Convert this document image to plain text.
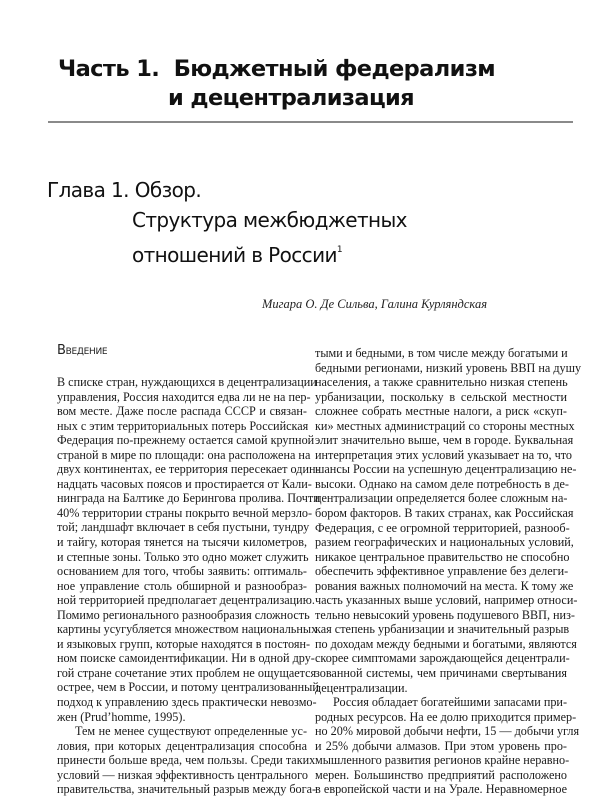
Часть 1. Бюджетный федерализм
и децентрализация
Глава 1. Обзор.
Структура межбюджетных
отношений в России$^1$
Мигара О. Де Сильва, Галина Курляндская
Введение
В списке стран, нуждающихся в децентрализации
управления, Россия находится едва ли не на пер-
вом месте. Даже после распада СССР и связан-
ных с этим территориальных потерь Российская
Федерация по-прежнему остается самой крупной
страной в мире по площади: она расположена на
двух континентах, ее территория пересекает один-
надцать часовых поясов и простирается от Кали-
нинграда на Балтике до Берингова пролива. Почти
40% территории страны покрыто вечной мерзло-
той; ландшафт включает в себя пустыни, тундру
и тайгу, которая тянется на тысячи километров,
и степные зоны. Только это одно может служить
основанием для того, чтобы заявить: оптималь-
ное управление столь обширной и разнообраз-
ной территорией предполагает децентрализацию.
Помимо регионального разнообразия сложность
картины усугубляется множеством национальных
и языковых групп, которые находятся в постоян-
ном поиске самоидентификации. Ни в одной дру-
гой стране сочетание этих проблем не ощущается
острее, чем в России, и потому централизованный
подход к управлению здесь практически невозмо-
жен (Prud’homme, 1995).
Тем не менее существуют определенные ус-
ловия, при которых децентрализация способна
принести больше вреда, чем пользы. Среди таких
условий — низкая эффективность центрального
правительства, значительный разрыв между бога-
тыми и бедными, в том числе между богатыми и
бедными регионами, низкий уровень ВВП на душу
населения, а также сравнительно низкая степень
урбанизации, поскольку в сельской местности
сложнее собрать местные налоги, а риск «скуп-
ки» местных администраций со стороны местных
элит значительно выше, чем в городе. Буквальная
интерпретация этих условий указывает на то, что
шансы России на успешную децентрализацию не-
высоки. Однако на самом деле потребность в де-
централизации определяется более сложным на-
бором факторов. В таких странах, как Российская
Федерация, с ее огромной территорией, разнооб-
разием географических и национальных условий,
никакое центральное правительство не способно
обеспечить эффективное управление без делеги-
рования важных полномочий на места. К тому же
часть указанных выше условий, например относи-
тельно невысокий уровень подушевого ВВП, низ-
кая степень урбанизации и значительный разрыв
по доходам между бедными и богатыми, являются
скорее симптомами зарождающейся децентрали-
зованной системы, чем причинами свертывания
децентрализации.
Россия обладает богатейшими запасами при-
родных ресурсов. На ее долю приходится пример-
но 20% мировой добычи нефти, 15 — добычи угля
и 25% добычи алмазов. При этом уровень про-
мышленного развития регионов крайне неравно-
мерен. Большинство предприятий расположено
в европейской части и на Урале. Неравномерное
